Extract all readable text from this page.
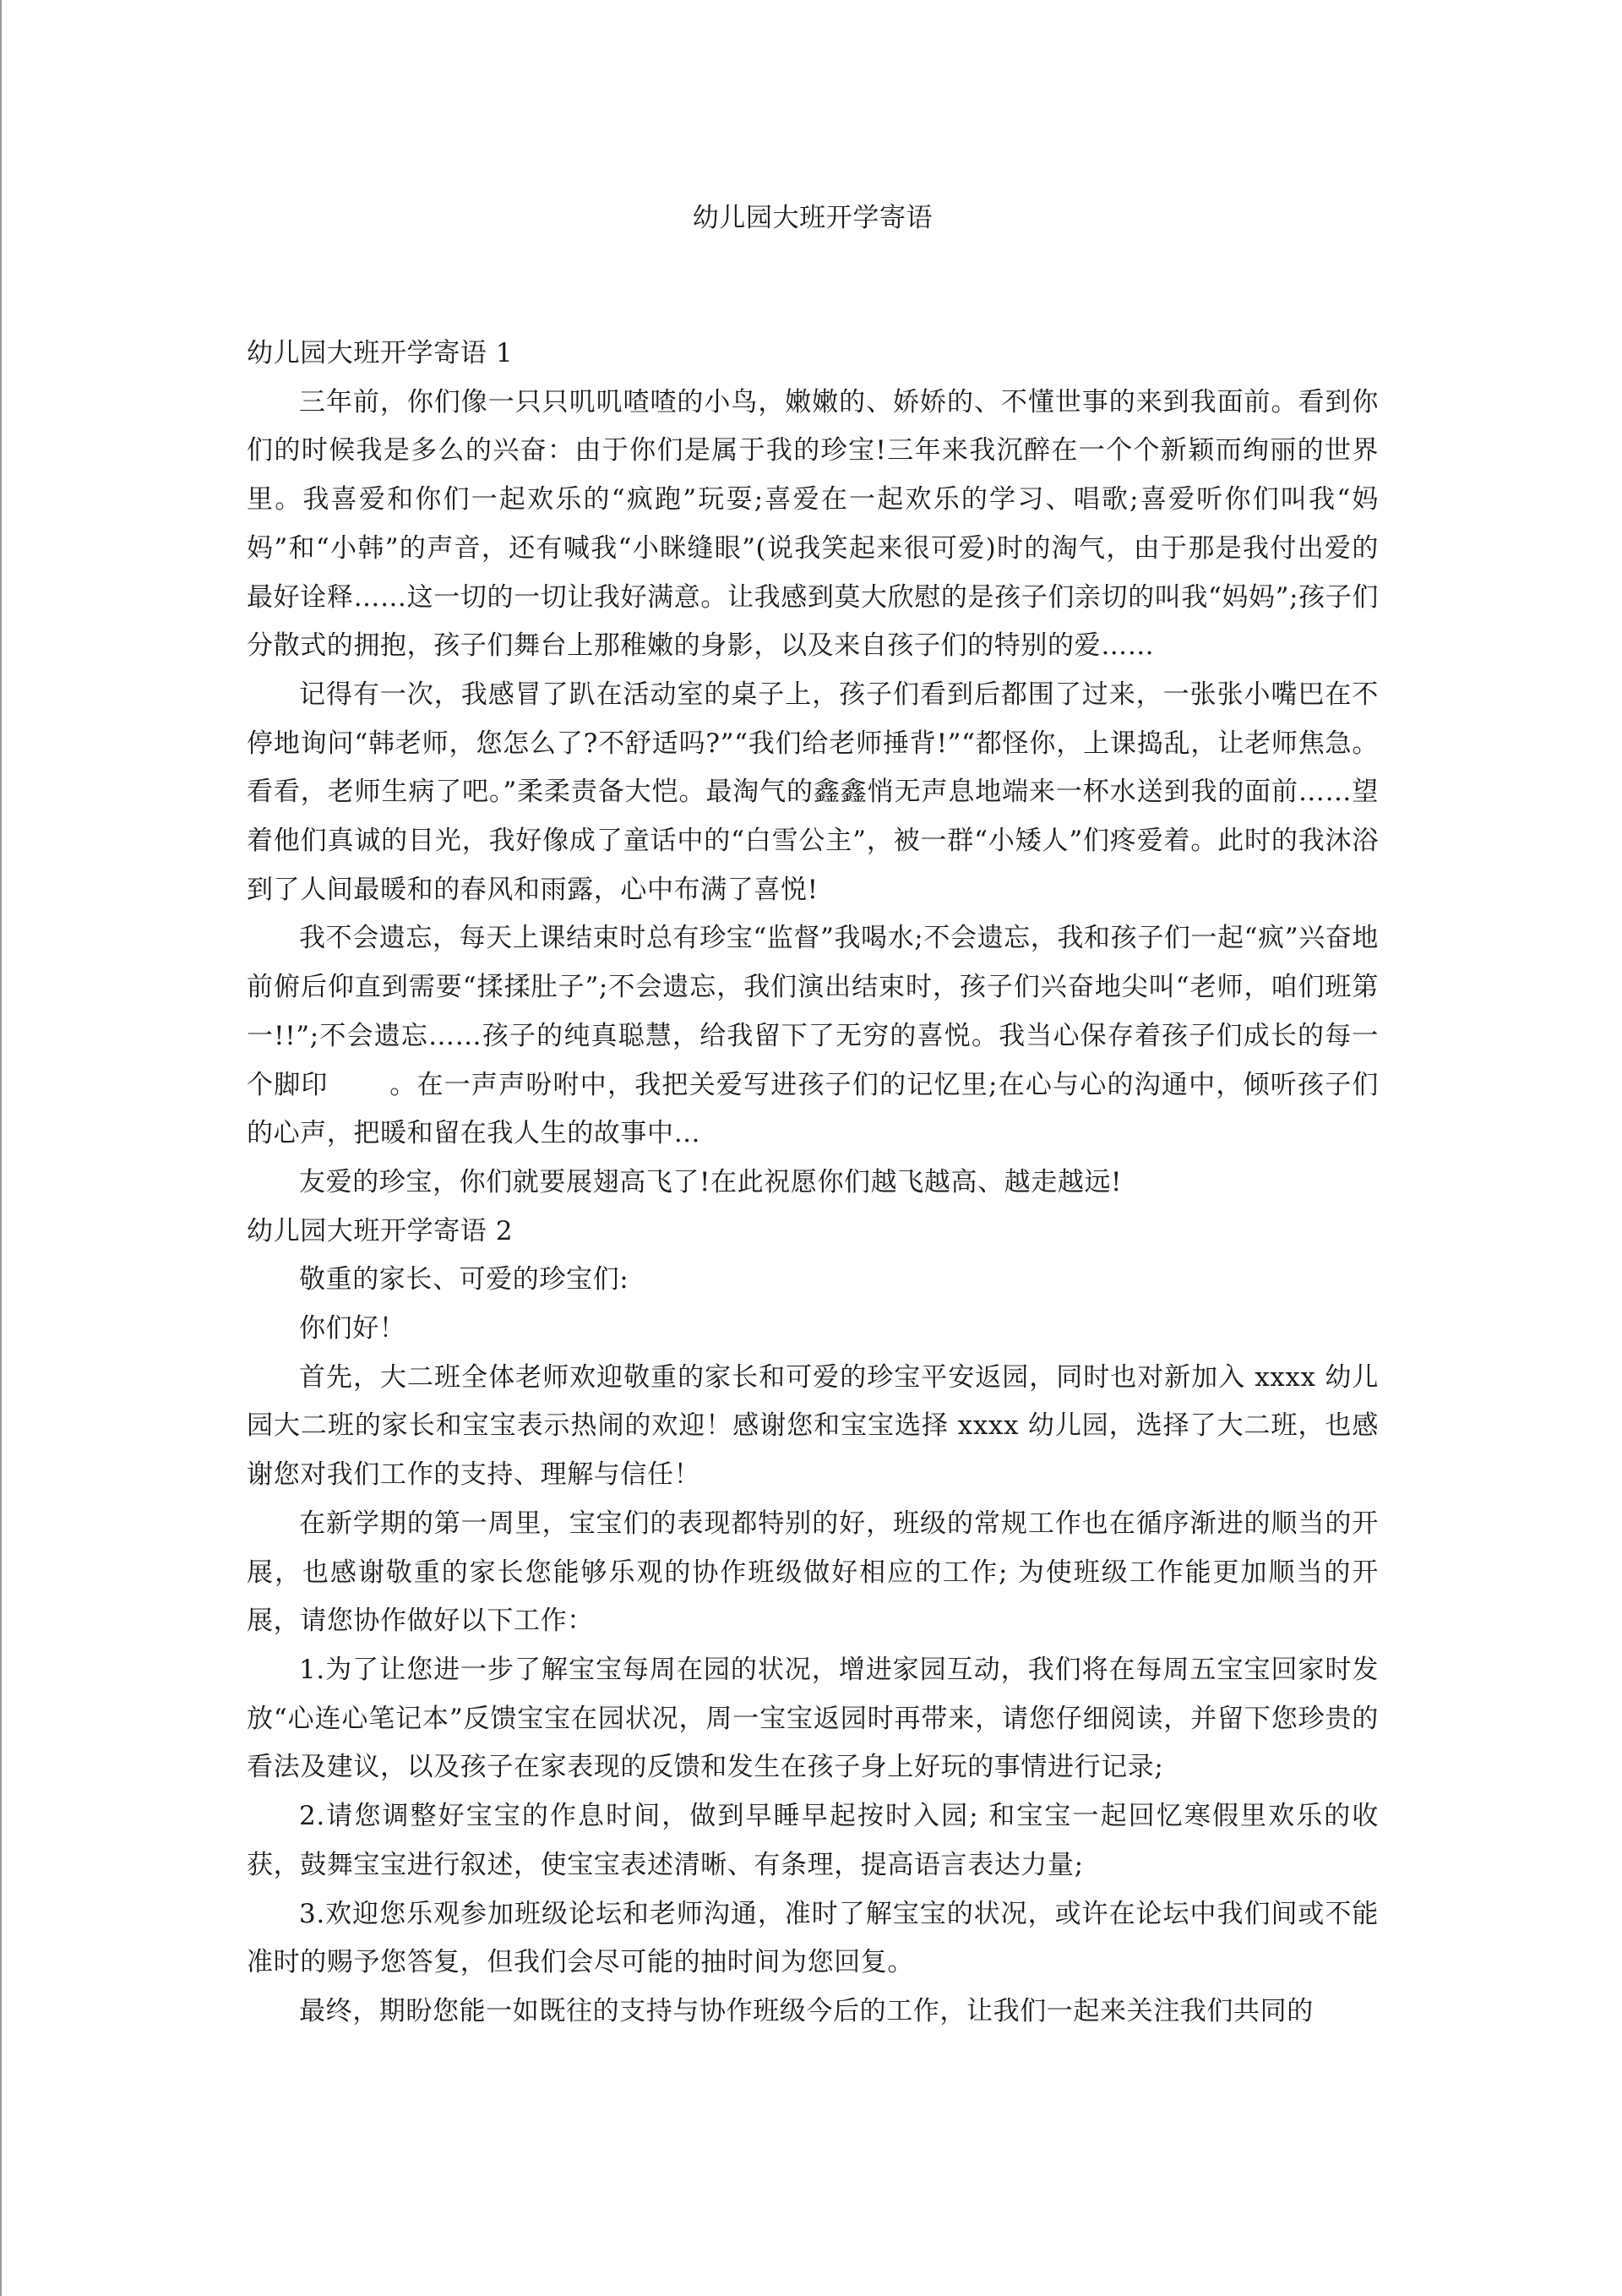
幼儿园大班开学寄语

幼儿园大班开学寄语 1

三年前，你们像一只只叽叽喳喳的小鸟，嫩嫩的、娇娇的、不懂世事的来到我面前。看到你们的时候我是多么的兴奋：由于你们是属于我的珍宝!三年来我沉醉在一个个新颖而绚丽的世界里。我喜爱和你们一起欢乐的“疯跑”玩耍;喜爱在一起欢乐的学习、唱歌;喜爱听你们叫我“妈妈”和“小韩”的声音，还有喊我“小眯缝眼”(说我笑起来很可爱)时的淘气，由于那是我付出爱的最好诠释……这一切的一切让我好满意。让我感到莫大欣慰的是孩子们亲切的叫我“妈妈”;孩子们分散式的拥抱，孩子们舞台上那稚嫩的身影，以及来自孩子们的特别的爱……

记得有一次，我感冒了趴在活动室的桌子上，孩子们看到后都围了过来，一张张小嘴巴在不停地询问“韩老师，您怎么了?不舒适吗?”“我们给老师捶背!”“都怪你，上课捣乱，让老师焦急。看看，老师生病了吧。”柔柔责备大恺。最淘气的鑫鑫悄无声息地端来一杯水送到我的面前……望着他们真诚的目光，我好像成了童话中的“白雪公主”，被一群“小矮人”们疼爱着。此时的我沐浴到了人间最暖和的春风和雨露，心中布满了喜悦!

我不会遗忘，每天上课结束时总有珍宝“监督”我喝水;不会遗忘，我和孩子们一起“疯”兴奋地前俯后仰直到需要“揉揉肚子”;不会遗忘，我们演出结束时，孩子们兴奋地尖叫“老师，咱们班第一!!”;不会遗忘……孩子的纯真聪慧，给我留下了无穷的喜悦。我当心保存着孩子们成长的每一个脚印 。在一声声吩咐中，我把关爱写进孩子们的记忆里;在心与心的沟通中，倾听孩子们的心声，把暖和留在我人生的故事中…

友爱的珍宝，你们就要展翅高飞了!在此祝愿你们越飞越高、越走越远!

幼儿园大班开学寄语 2

敬重的家长、可爱的珍宝们:

你们好！

首先，大二班全体老师欢迎敬重的家长和可爱的珍宝平安返园，同时也对新加入 xxxx 幼儿园大二班的家长和宝宝表示热闹的欢迎！感谢您和宝宝选择 xxxx 幼儿园，选择了大二班，也感谢您对我们工作的支持、理解与信任！

在新学期的第一周里，宝宝们的表现都特别的好，班级的常规工作也在循序渐进的顺当的开展，也感谢敬重的家长您能够乐观的协作班级做好相应的工作; 为使班级工作能更加顺当的开展，请您协作做好以下工作：

1.为了让您进一步了解宝宝每周在园的状况，增进家园互动，我们将在每周五宝宝回家时发放“心连心笔记本”反馈宝宝在园状况，周一宝宝返园时再带来，请您仔细阅读，并留下您珍贵的看法及建议，以及孩子在家表现的反馈和发生在孩子身上好玩的事情进行记录;

2.请您调整好宝宝的作息时间，做到早睡早起按时入园; 和宝宝一起回忆寒假里欢乐的收获，鼓舞宝宝进行叙述，使宝宝表述清晰、有条理，提高语言表达力量;

3.欢迎您乐观参加班级论坛和老师沟通，准时了解宝宝的状况，或许在论坛中我们间或不能准时的赐予您答复，但我们会尽可能的抽时间为您回复。

最终，期盼您能一如既往的支持与协作班级今后的工作，让我们一起来关注我们共同的
